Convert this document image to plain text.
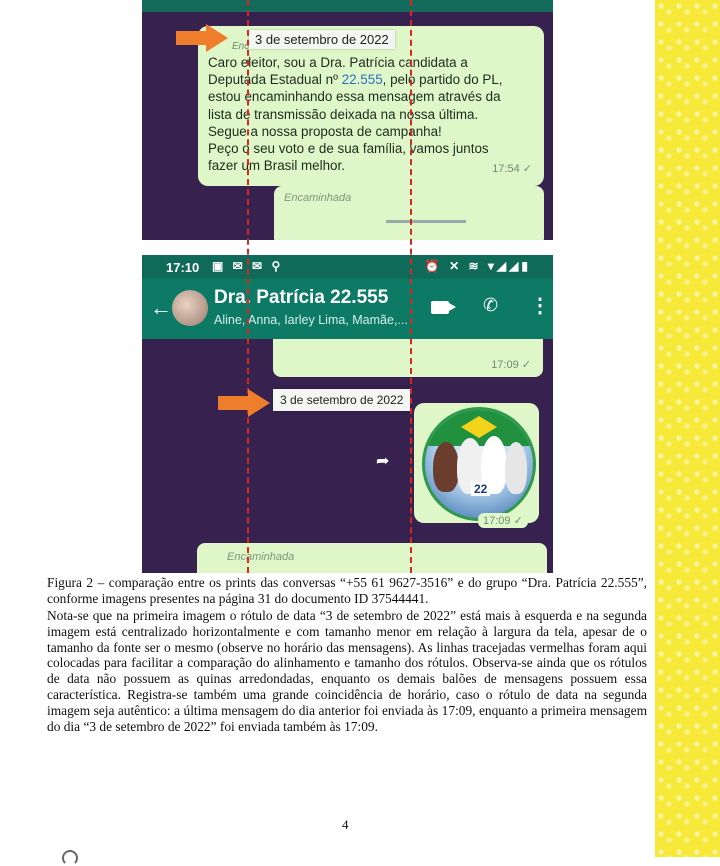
Enc
Caro eleitor, sou a Dra. Patrícia candidata a
Deputada Estadual nº 22.555, pelo partido do PL,
estou encaminhando essa mensagem através da
lista de transmissão deixada na nossa última.
Segue a nossa proposta de campanha!
Peço o seu voto e de sua família, vamos juntos
fazer um Brasil melhor.	17:54 ✓
3 de setembro de 2022
Encaminhada
17:10 ▣ ✉ ✉ ⚲	⏰ ✕ ≋ ▾◢◢▮
← Dra. Patrícia 22.555
Aline, Anna, Iarley Lima, Mamãe,...
✆ ⋮
17:09 ✓
3 de setembro de 2022
➦
22
17:09 ✓
Encaminhada
Figura 2 – comparação entre os prints das conversas “+55 61 9627-3516” e do grupo “Dra. Patrícia 22.555”, conforme imagens presentes na página 31 do documento ID 37544441.
Nota-se que na primeira imagem o rótulo de data “3 de setembro de 2022” está mais à esquerda e na segunda imagem está centralizado horizontalmente e com tamanho menor em relação à largura da tela, apesar de o tamanho da fonte ser o mesmo (observe no horário das mensagens). As linhas tracejadas vermelhas foram aqui colocadas para facilitar a comparação do alinhamento e tamanho dos rótulos. Observa-se ainda que os rótulos de data não possuem as quinas arredondadas, enquanto os demais balões de mensagens possuem essa característica. Registra-se também uma grande coincidência de horário, caso o rótulo de data na segunda imagem seja autêntico: a última mensagem do dia anterior foi enviada às 17:09, enquanto a primeira mensagem do dia “3 de setembro de 2022” foi enviada também às 17:09.
4
